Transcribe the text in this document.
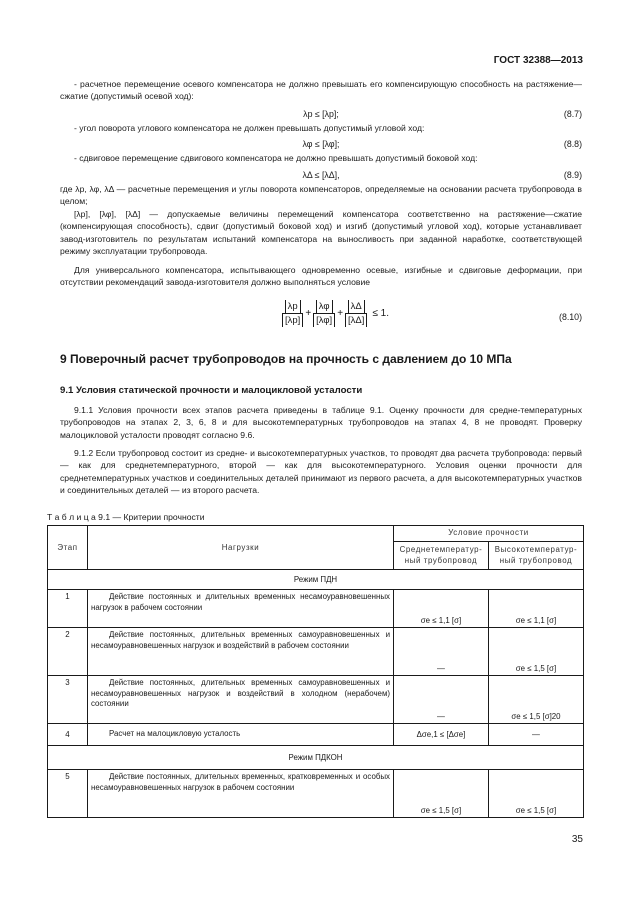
ГОСТ 32388—2013
- расчетное перемещение осевого компенсатора не должно превышать его компенсирующую способность на растяжение—сжатие (допустимый осевой ход):
λp ≤ [λp];	(8.7)
- угол поворота углового компенсатора не должен превышать допустимый угловой ход:
λφ ≤ [λφ];	(8.8)
- сдвиговое перемещение сдвигового компенсатора не должно превышать допустимый боковой ход:
λΔ ≤ [λΔ],	(8.9)
где λp, λφ, λΔ — расчетные перемещения и углы поворота компенсаторов, определяемые на основании расчета трубопровода в целом;
[λp], [λφ], [λΔ] — допускаемые величины перемещений компенсатора соответственно на растяжение—сжатие (компенсирующая способность), сдвиг (допустимый боковой ход) и изгиб (допустимый угловой ход), которые устанавливает завод-изготовитель по результатам испытаний компенсатора на выносливость при заданной наработке, соответствующей режиму эксплуатации трубопровода.
Для универсального компенсатора, испытывающего одновременно осевые, изгибные и сдвиговые деформации, при отсутствии рекомендаций завода-изготовителя должно выполняться условие
$\frac{\lambda p}{[\lambda p]} + \frac{\lambda\varphi}{[\lambda\varphi]} + \frac{\lambda\Delta}{[\lambda\Delta]} \le 1$.	(8.10)
9 Поверочный расчет трубопроводов на прочность с давлением до 10 МПа
9.1 Условия статической прочности и малоцикловой усталости
9.1.1 Условия прочности всех этапов расчета приведены в таблице 9.1. Оценку прочности для средне-температурных трубопроводов на этапах 2, 3, 6, 8 и для высокотемпературных трубопроводов на этапах 4, 8 не проводят. Проверку малоцикловой усталости проводят согласно 9.6.
9.1.2 Если трубопровод состоит из средне- и высокотемпературных участков, то проводят два расчета трубопровода: первый — как для среднетемпературного, второй — как для высокотемпературного. Условия оценки прочности для среднетемпературных участков и соединительных деталей принимают из первого расчета, а для высокотемпературных участков и соединительных деталей — из второго расчета.
Т а б л и ц а 9.1 — Критерии прочности
Этап	Нагрузки	Условие прочности	
		Среднетемператур-ный трубопровод	Высокотемператур-ный трубопровод
Режим ПДН			
1	Действие постоянных и длительных временных несамоуравновешенных нагрузок в рабочем состоянии	σe ≤ 1,1 [σ]	σe ≤ 1,1 [σ]
2	Действие постоянных, длительных временных самоуравновешенных и несамоуравновешенных нагрузок и воздействий в рабочем состоянии	—	σe ≤ 1,5 [σ]
3	Действие постоянных, длительных временных самоуравновешенных и несамоуравновешенных нагрузок и воздействий в холодном (нерабочем) состоянии	—	σe ≤ 1,5 [σ]20
4	Расчет на малоцикловую усталость	Δσe,1 ≤ [Δσe]	—
Режим ПДКОН			
5	Действие постоянных, длительных временных, кратковременных и особых несамоуравновешенных нагрузок в рабочем состоянии	σe ≤ 1,5 [σ]	σe ≤ 1,5 [σ]
35
